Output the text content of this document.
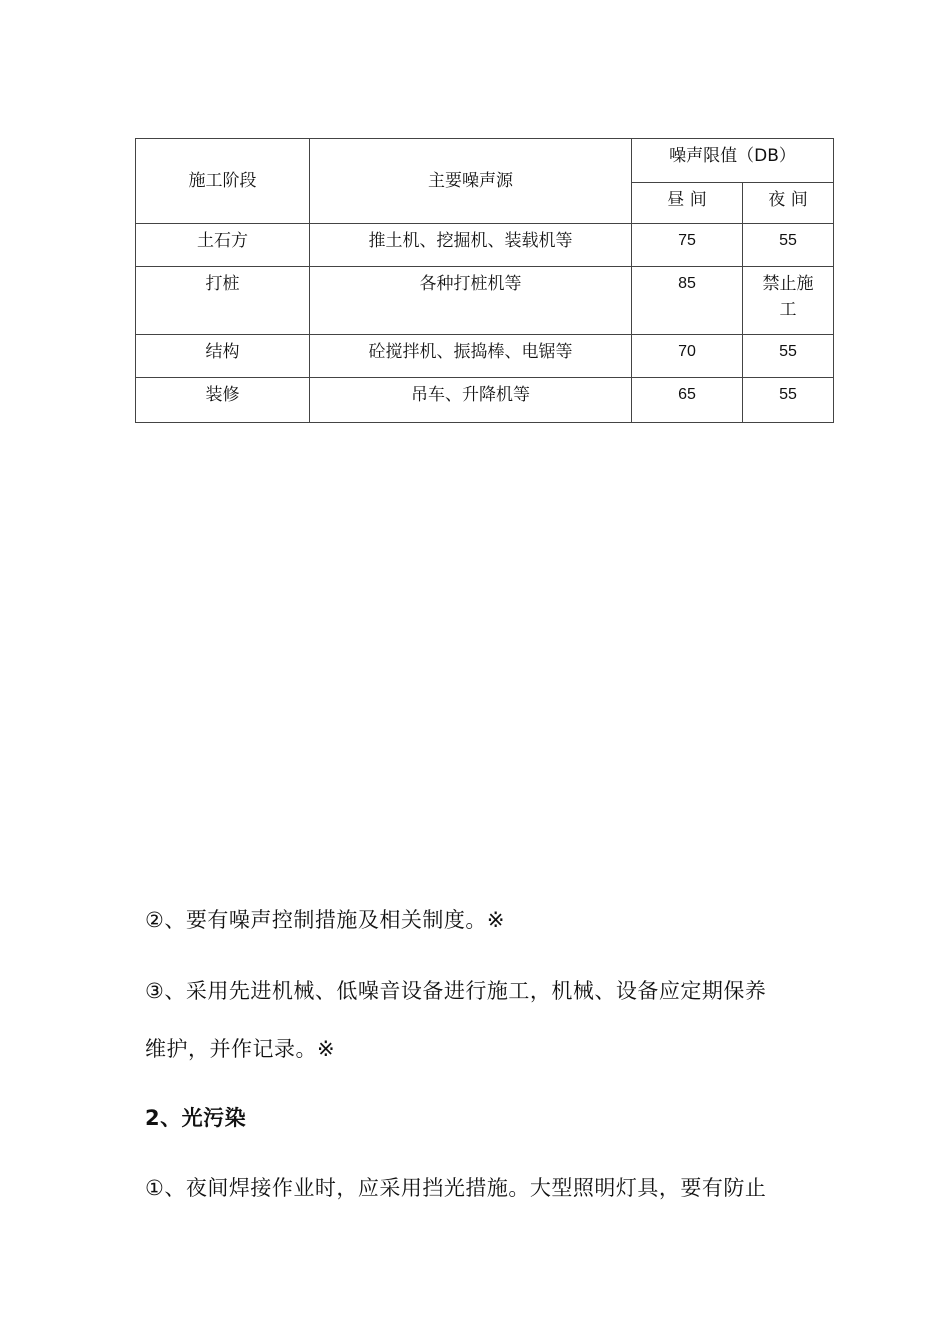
施工阶段	主要噪声源	噪声限值（DB）	
		昼 间	夜 间
土石方	推土机、挖掘机、装载机等	75	55
打桩	各种打桩机等	85	禁止施
工
结构	砼搅拌机、振捣棒、电锯等	70	55
装修	吊车、升降机等	65	55

②、要有噪声控制措施及相关制度。※

③、采用先进机械、低噪音设备进行施工，机械、设备应定期保养

维护，并作记录。※

2、光污染

①、夜间焊接作业时，应采用挡光措施。大型照明灯具，要有防止
